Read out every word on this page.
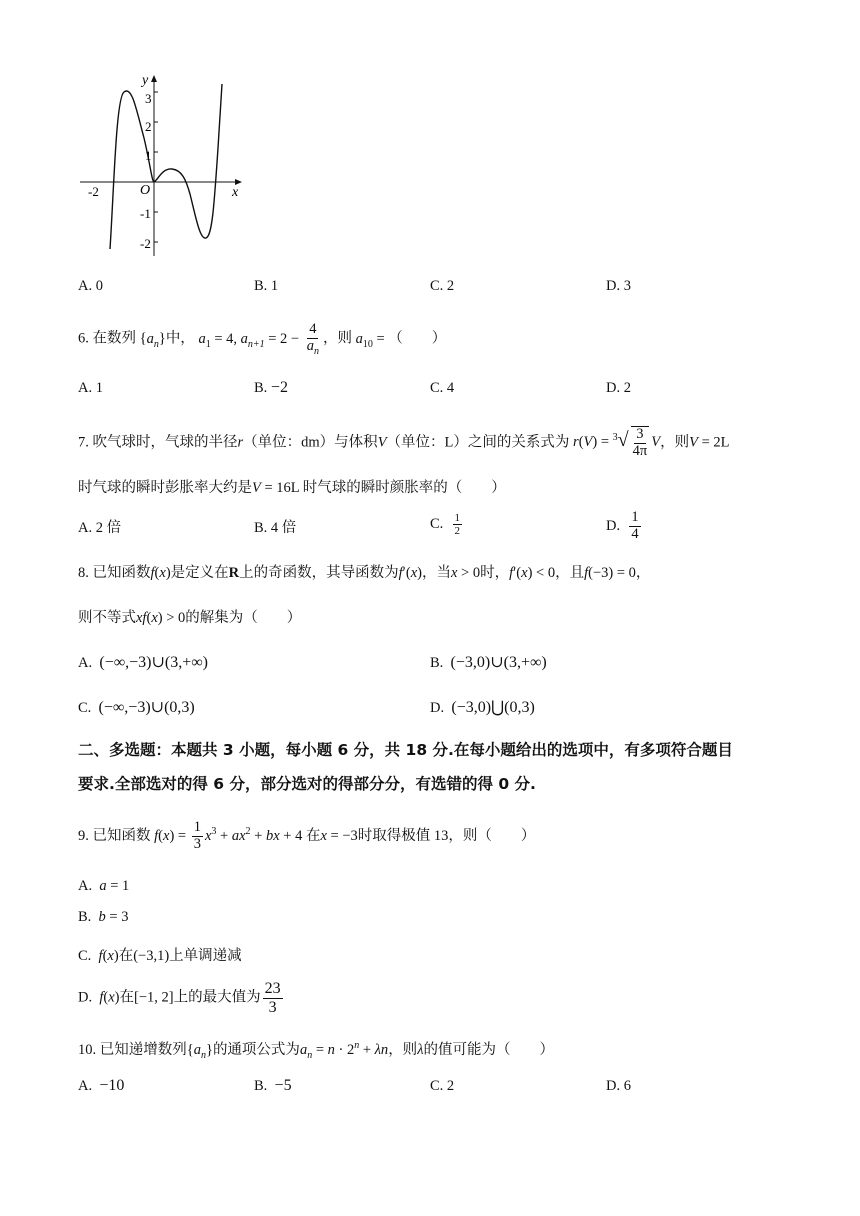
y
x
O
3
2
1
-1
-2
-2
A. 0	B. 1	C. 2	D. 3
6. 在数列 $\{a_n\}$中， $a_1 = 4$, $a_{n+1} = 2 - \frac{4}{a_n}$ ，则 $a_{10}$ = （　　）
A. 1	B. −2	C. 4	D. 2
7. 吹气球时，气球的半径r（单位：dm）与体积V（单位：L）之间的关系式为 $r(V) = ^3√ \frac{3}{4\pi}$ V，则V = 2L
时气球的瞬时彭胀率大约是V = 16L 时气球的瞬时颜胀率的（　　）
A. 2 倍	B. 4 倍	C. $\frac{1}{2}$	D. $\frac{1}{4}$
8. 已知函数f(x)是定义在R上的奇函数，其导函数为f′(x)，当x > 0时，f′(x) < 0，且f(−3) = 0，
则不等式xf(x) > 0的解集为（　　）
A. (−∞,−3)∪(3,+∞)	B. (−3,0)∪(3,+∞)
C. (−∞,−3)∪(0,3)	D. (−3,0)⋃(0,3)
二、多选题：本题共 3 小题，每小题 6 分，共 18 分.在每小题给出的选项中，有多项符合题目
要求.全部选对的得 6 分，部分选对的得部分分，有选错的得 0 分.
9. 已知函数 $f(x) = \frac{1}{3} x^3 + ax^2$ + bx + 4 在x = −3时取得极值 13，则（　　）
A. a = 1
B. b = 3
C. f(x)在(−3,1)上单调递减
D. f(x)在[−1, 2]上的最大值为 $\frac{23}{3}$
10. 已知递增数列$\{a_n\}$的通项公式为$a_n = n \cdot 2^n + \lambda n$，则λ的值可能为（　　）
A. −10	B. −5	C. 2	D. 6
